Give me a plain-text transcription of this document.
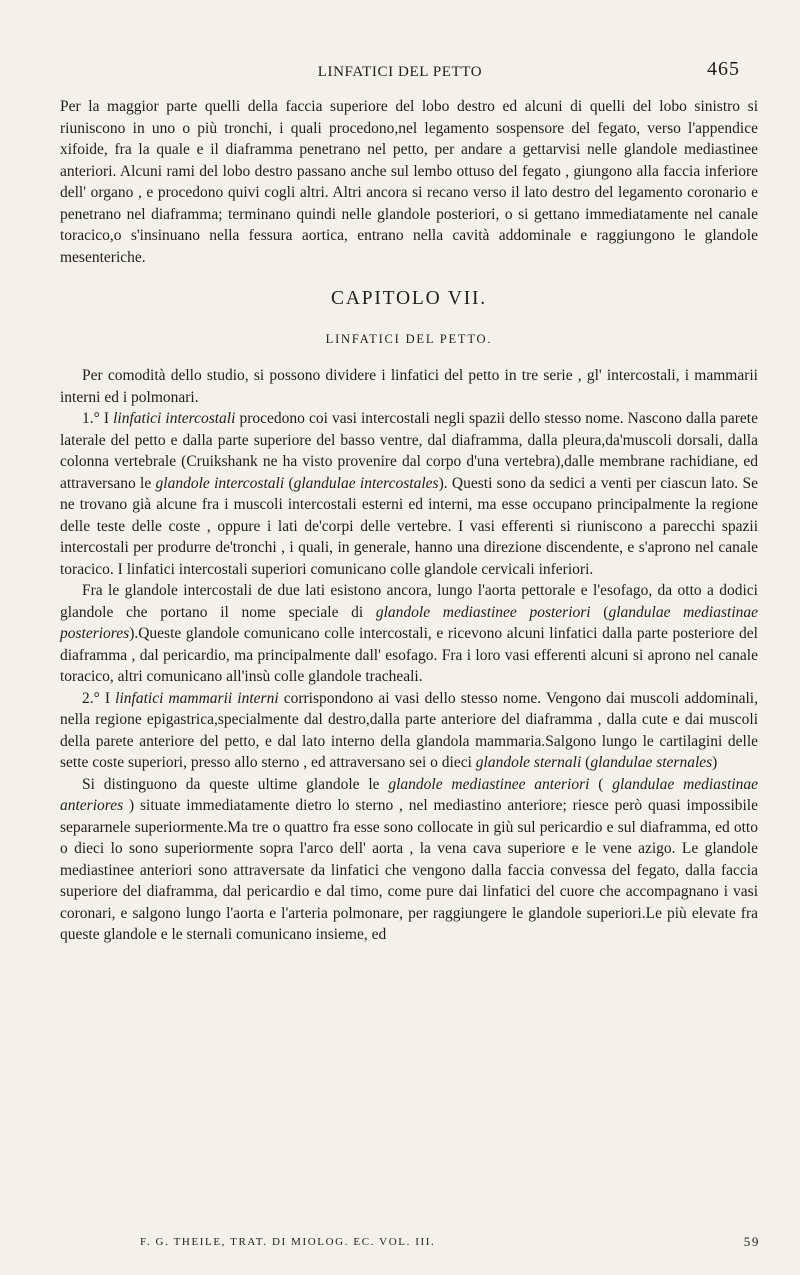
LINFATICI DEL PETTO	465

Per la maggior parte quelli della faccia superiore del lobo destro ed alcuni di quelli del lobo sinistro si riuniscono in uno o più tronchi, i quali procedono,nel legamento sospensore del fegato, verso l'appendice xifoide, fra la quale e il diaframma penetrano nel petto, per andare a gettarvisi nelle glandole mediastinee anteriori. Alcuni rami del lobo destro passano anche sul lembo ottuso del fegato , giungono alla faccia inferiore dell' organo , e procedono quivi cogli altri. Altri ancora si recano verso il lato destro del legamento coronario e penetrano nel diaframma; terminano quindi nelle glandole posteriori, o si gettano immediatamente nel canale toracico,o s'insinuano nella fessura aortica, entrano nella cavità addominale e raggiungono le glandole mesenteriche.

CAPITOLO VII.
LINFATICI DEL PETTO.

Per comodità dello studio, si possono dividere i linfatici del petto in tre serie , gl' intercostali, i mammarii interni ed i polmonari.

1.° I linfatici intercostali procedono coi vasi intercostali negli spazii dello stesso nome. Nascono dalla parete laterale del petto e dalla parte superiore del basso ventre, dal diaframma, dalla pleura,da'muscoli dorsali, dalla colonna vertebrale (Cruikshank ne ha visto provenire dal corpo d'una vertebra),dalle membrane rachidiane, ed attraversano le glandole intercostali (glandulae intercostales). Questi sono da sedici a venti per ciascun lato. Se ne trovano già alcune fra i muscoli intercostali esterni ed interni, ma esse occupano principalmente la regione delle teste delle coste , oppure i lati de'corpi delle vertebre. I vasi efferenti si riuniscono a parecchi spazii intercostali per produrre de'tronchi , i quali, in generale, hanno una direzione discendente, e s'aprono nel canale toracico. I linfatici intercostali superiori comunicano colle glandole cervicali inferiori.

Fra le glandole intercostali de due lati esistono ancora, lungo l'aorta pettorale e l'esofago, da otto a dodici glandole che portano il nome speciale di glandole mediastinee posteriori (glandulae mediastinae posteriores).Queste glandole comunicano colle intercostali, e ricevono alcuni linfatici dalla parte posteriore del diaframma , dal pericardio, ma principalmente dall' esofago. Fra i loro vasi efferenti alcuni si aprono nel canale toracico, altri comunicano all'insù colle glandole tracheali.

2.° I linfatici mammarii interni corrispondono ai vasi dello stesso nome. Vengono dai muscoli addominali, nella regione epigastrica,specialmente dal destro,dalla parte anteriore del diaframma , dalla cute e dai muscoli della parete anteriore del petto, e dal lato interno della glandola mammaria.Salgono lungo le cartilagini delle sette coste superiori, presso allo sterno , ed attraversano sei o dieci glandole sternali (glandulae sternales)

Si distinguono da queste ultime glandole le glandole mediastinee anteriori ( glandulae mediastinae anteriores ) situate immediatamente dietro lo sterno , nel mediastino anteriore; riesce però quasi impossibile separarnele superiormente.Ma tre o quattro fra esse sono collocate in giù sul pericardio e sul diaframma, ed otto o dieci lo sono superiormente sopra l'arco dell' aorta , la vena cava superiore e le vene azigo. Le glandole mediastinee anteriori sono attraversate da linfatici che vengono dalla faccia convessa del fegato, dalla faccia superiore del diaframma, dal pericardio e dal timo, come pure dai linfatici del cuore che accompagnano i vasi coronari, e salgono lungo l'aorta e l'arteria polmonare, per raggiungere le glandole superiori.Le più elevate fra queste glandole e le sternali comunicano insieme, ed

F. G. THEILE, TRAT. DI MIOLOG. EC. VOL. III.	59
